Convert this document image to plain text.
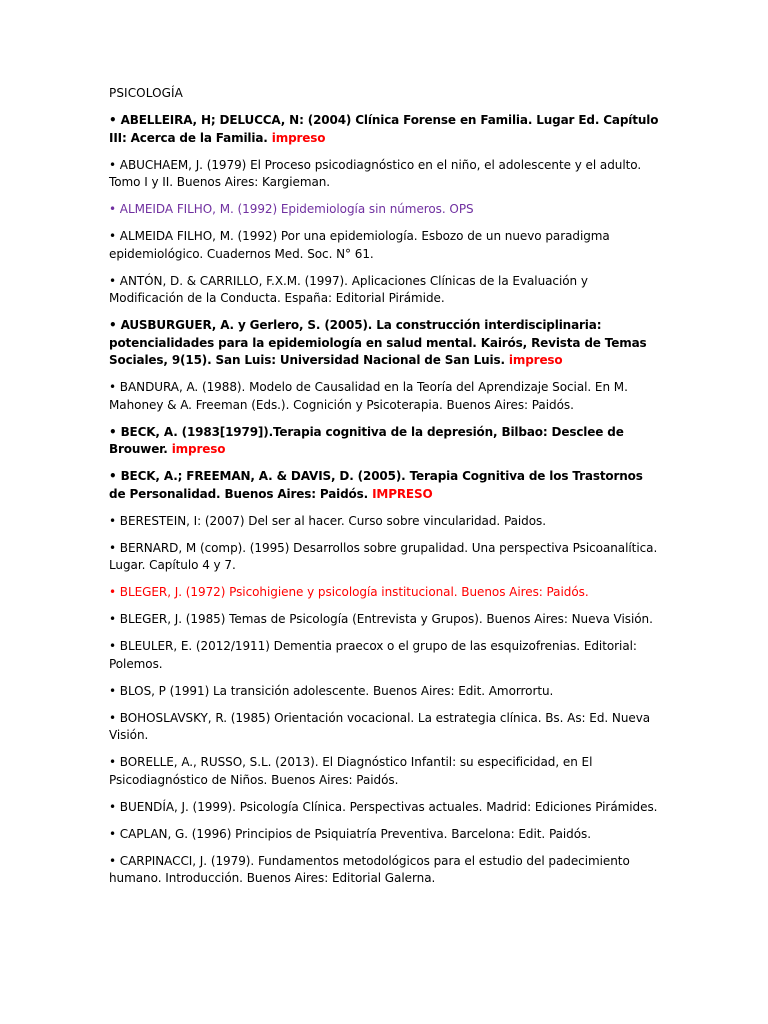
PSICOLOGÍA

• ABELLEIRA, H; DELUCCA, N: (2004) Clínica Forense en Familia. Lugar Ed. Capítulo III: Acerca de la Familia. impreso

• ABUCHAEM, J. (1979) El Proceso psicodiagnóstico en el niño, el adolescente y el adulto. Tomo I y II. Buenos Aires: Kargieman.

• ALMEIDA FILHO, M. (1992) Epidemiología sin números. OPS

• ALMEIDA FILHO, M. (1992) Por una epidemiología. Esbozo de un nuevo paradigma epidemiológico. Cuadernos Med. Soc. N° 61.

• ANTÓN, D. & CARRILLO, F.X.M. (1997). Aplicaciones Clínicas de la Evaluación y Modificación de la Conducta. España: Editorial Pirámide.

• AUSBURGUER, A. y Gerlero, S. (2005). La construcción interdisciplinaria: potencialidades para la epidemiología en salud mental. Kairós, Revista de Temas Sociales, 9(15). San Luis: Universidad Nacional de San Luis. impreso

• BANDURA, A. (1988). Modelo de Causalidad en la Teoría del Aprendizaje Social. En M. Mahoney & A. Freeman (Eds.). Cognición y Psicoterapia. Buenos Aires: Paidós.

• BECK, A. (1983[1979]).Terapia cognitiva de la depresión, Bilbao: Desclee de Brouwer. impreso

• BECK, A.; FREEMAN, A. & DAVIS, D. (2005). Terapia Cognitiva de los Trastornos de Personalidad. Buenos Aires: Paidós. IMPRESO

• BERESTEIN, I: (2007) Del ser al hacer. Curso sobre vincularidad. Paidos.

• BERNARD, M (comp). (1995) Desarrollos sobre grupalidad. Una perspectiva Psicoanalítica. Lugar. Capítulo 4 y 7.

• BLEGER, J. (1972) Psicohigiene y psicología institucional. Buenos Aires: Paidós.

• BLEGER, J. (1985) Temas de Psicología (Entrevista y Grupos). Buenos Aires: Nueva Visión.

• BLEULER, E. (2012/1911) Dementia praecox o el grupo de las esquizofrenias. Editorial: Polemos.

• BLOS, P (1991) La transición adolescente. Buenos Aires: Edit. Amorrortu.

• BOHOSLAVSKY, R. (1985) Orientación vocacional. La estrategia clínica. Bs. As: Ed. Nueva Visión.

• BORELLE, A., RUSSO, S.L. (2013). El Diagnóstico Infantil: su especificidad, en El Psicodiagnóstico de Niños. Buenos Aires: Paidós.

• BUENDÍA, J. (1999). Psicología Clínica. Perspectivas actuales. Madrid: Ediciones Pirámides.

• CAPLAN, G. (1996) Principios de Psiquiatría Preventiva. Barcelona: Edit. Paidós.

• CARPINACCI, J. (1979). Fundamentos metodológicos para el estudio del padecimiento humano. Introducción. Buenos Aires: Editorial Galerna.
